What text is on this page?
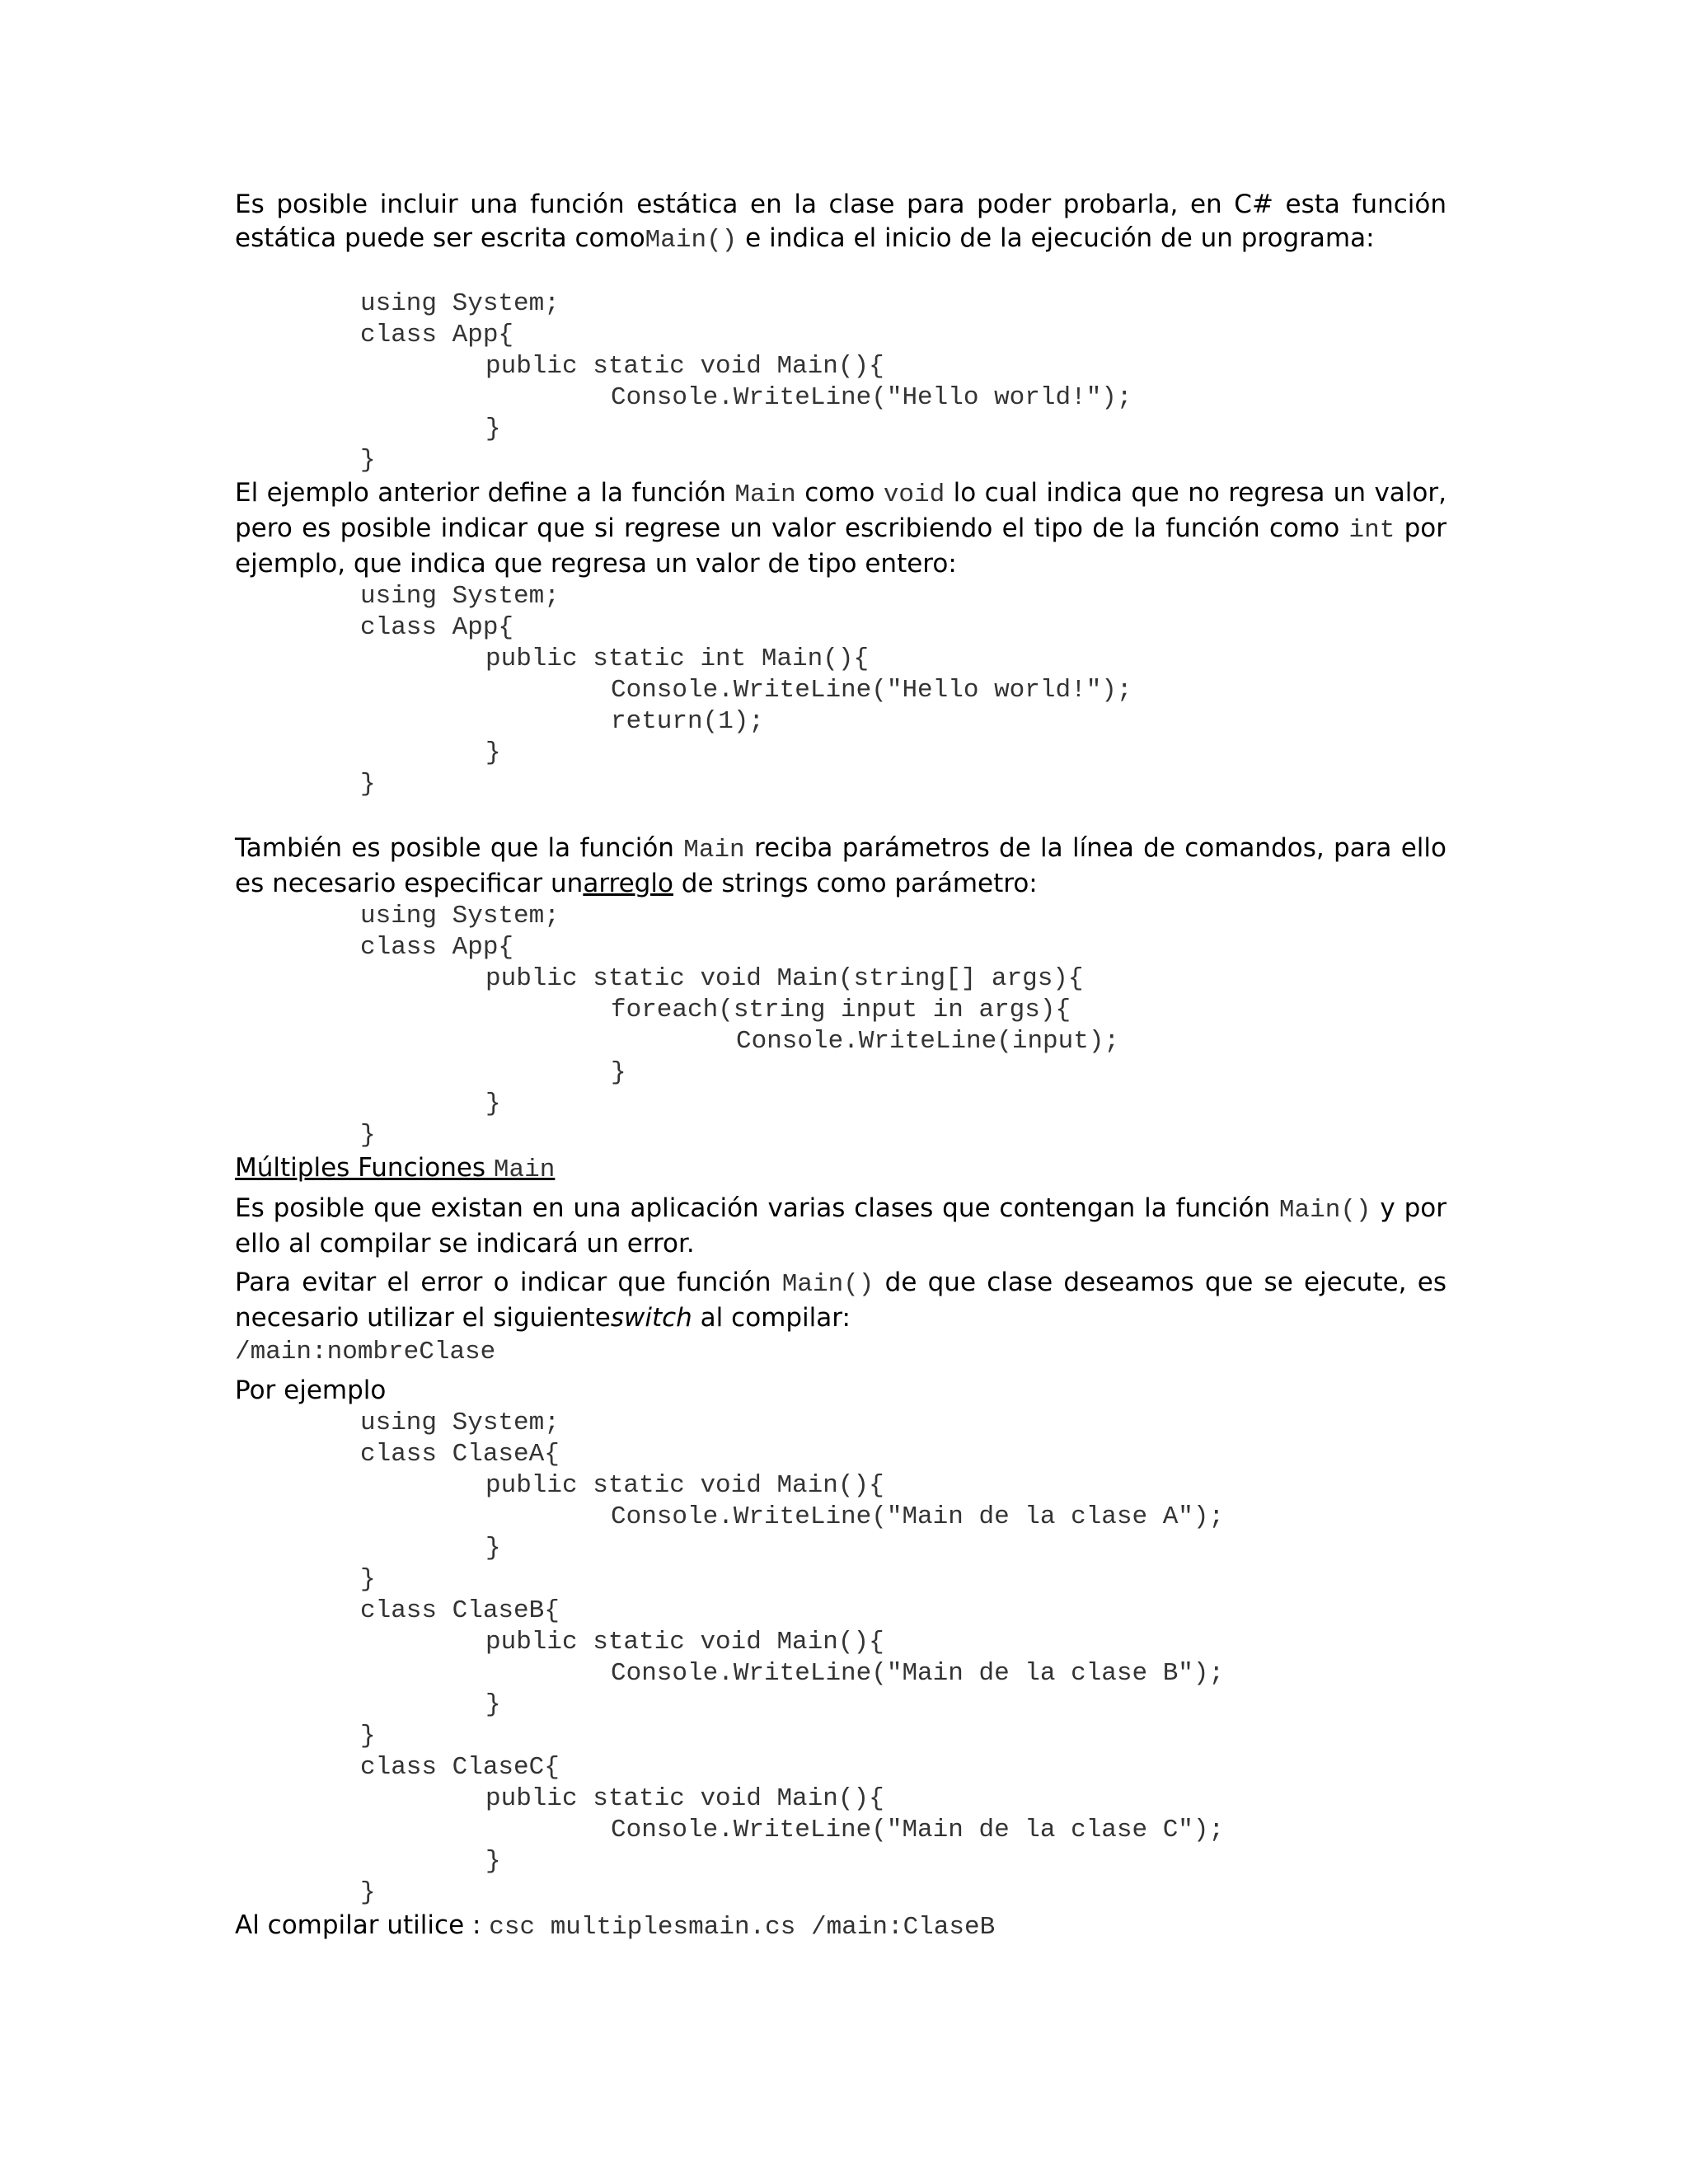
Es posible incluir una función estática en la clase para poder probarla, en C# esta función estática puede ser escrita comoMain() e indica el inicio de la ejecución de un programa:

using System;
class App{
public static void Main(){
Console.WriteLine("Hello world!");
}
}

El ejemplo anterior define a la función Main como void lo cual indica que no regresa un valor, pero es posible indicar que si regrese un valor escribiendo el tipo de la función como int por ejemplo, que indica que regresa un valor de tipo entero:

using System;
class App{
public static int Main(){
Console.WriteLine("Hello world!");
return(1);
}
}

También es posible que la función Main reciba parámetros de la línea de comandos, para ello es necesario especificar unarreglo de strings como parámetro:

using System;
class App{
public static void Main(string[] args){
foreach(string input in args){
Console.WriteLine(input);
}
}
}

Múltiples Funciones Main

Es posible que existan en una aplicación varias clases que contengan la función Main() y por ello al compilar se indicará un error.

Para evitar el error o indicar que función Main() de que clase deseamos que se ejecute, es necesario utilizar el siguienteswitch al compilar:

/main:nombreClase

Por ejemplo

using System;
class ClaseA{
public static void Main(){
Console.WriteLine("Main de la clase A");
}
}
class ClaseB{
public static void Main(){
Console.WriteLine("Main de la clase B");
}
}
class ClaseC{
public static void Main(){
Console.WriteLine("Main de la clase C");
}
}

Al compilar utilice : csc multiplesmain.cs /main:ClaseB
